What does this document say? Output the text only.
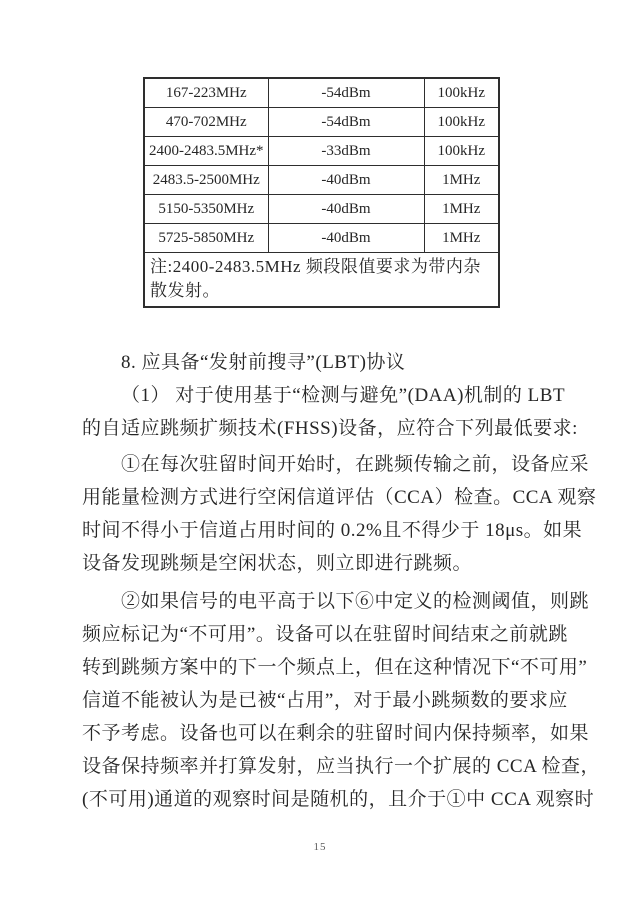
167-223MHz	-54dBm	100kHz
470-702MHz	-54dBm	100kHz
2400-2483.5MHz*	-33dBm	100kHz
2483.5-2500MHz	-40dBm	1MHz
5150-5350MHz	-40dBm	1MHz
5725-5850MHz	-40dBm	1MHz
注:2400-2483.5MHz 频段限值要求为带内杂散发射。		
8. 应具备“发射前搜寻”(LBT)协议
（1） 对于使用基于“检测与避免”(DAA)机制的 LBT
的自适应跳频扩频技术(FHSS)设备，应符合下列最低要求:
①在每次驻留时间开始时，在跳频传输之前，设备应采
用能量检测方式进行空闲信道评估（CCA）检查。CCA 观察
时间不得小于信道占用时间的 0.2%且不得少于 18μs。如果
设备发现跳频是空闲状态，则立即进行跳频。
②如果信号的电平高于以下⑥中定义的检测阈值，则跳
频应标记为“不可用”。设备可以在驻留时间结束之前就跳
转到跳频方案中的下一个频点上，但在这种情况下“不可用”
信道不能被认为是已被“占用”，对于最小跳频数的要求应
不予考虑。设备也可以在剩余的驻留时间内保持频率，如果
设备保持频率并打算发射，应当执行一个扩展的 CCA 检查，
(不可用)通道的观察时间是随机的，且介于①中 CCA 观察时
15
